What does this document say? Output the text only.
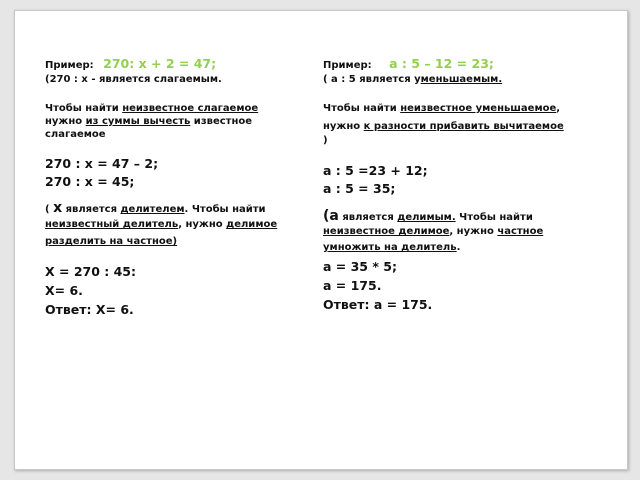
Пример: 270: х + 2 = 47;
(270 : х - является слагаемым.
Чтобы найти неизвестное слагаемое
нужно из суммы вычесть известное
слагаемое
270 : х = 47 – 2;
270 : х = 45;
( х является делителем. Чтобы найти
неизвестный делитель, нужно делимое
разделить на частное)
Х = 270 : 45:
Х= 6.
Ответ: Х= 6.
Пример: а : 5 – 12 = 23;
( а : 5 является уменьшаемым.
Чтобы найти неизвестное уменьшаемое,
нужно к разности прибавить вычитаемое
)
а : 5 =23 + 12;
а : 5 = 35;
(а является делимым. Чтобы найти
неизвестное делимое, нужно частное
умножить на делитель.
а = 35 * 5;
а = 175.
Ответ: а = 175.
